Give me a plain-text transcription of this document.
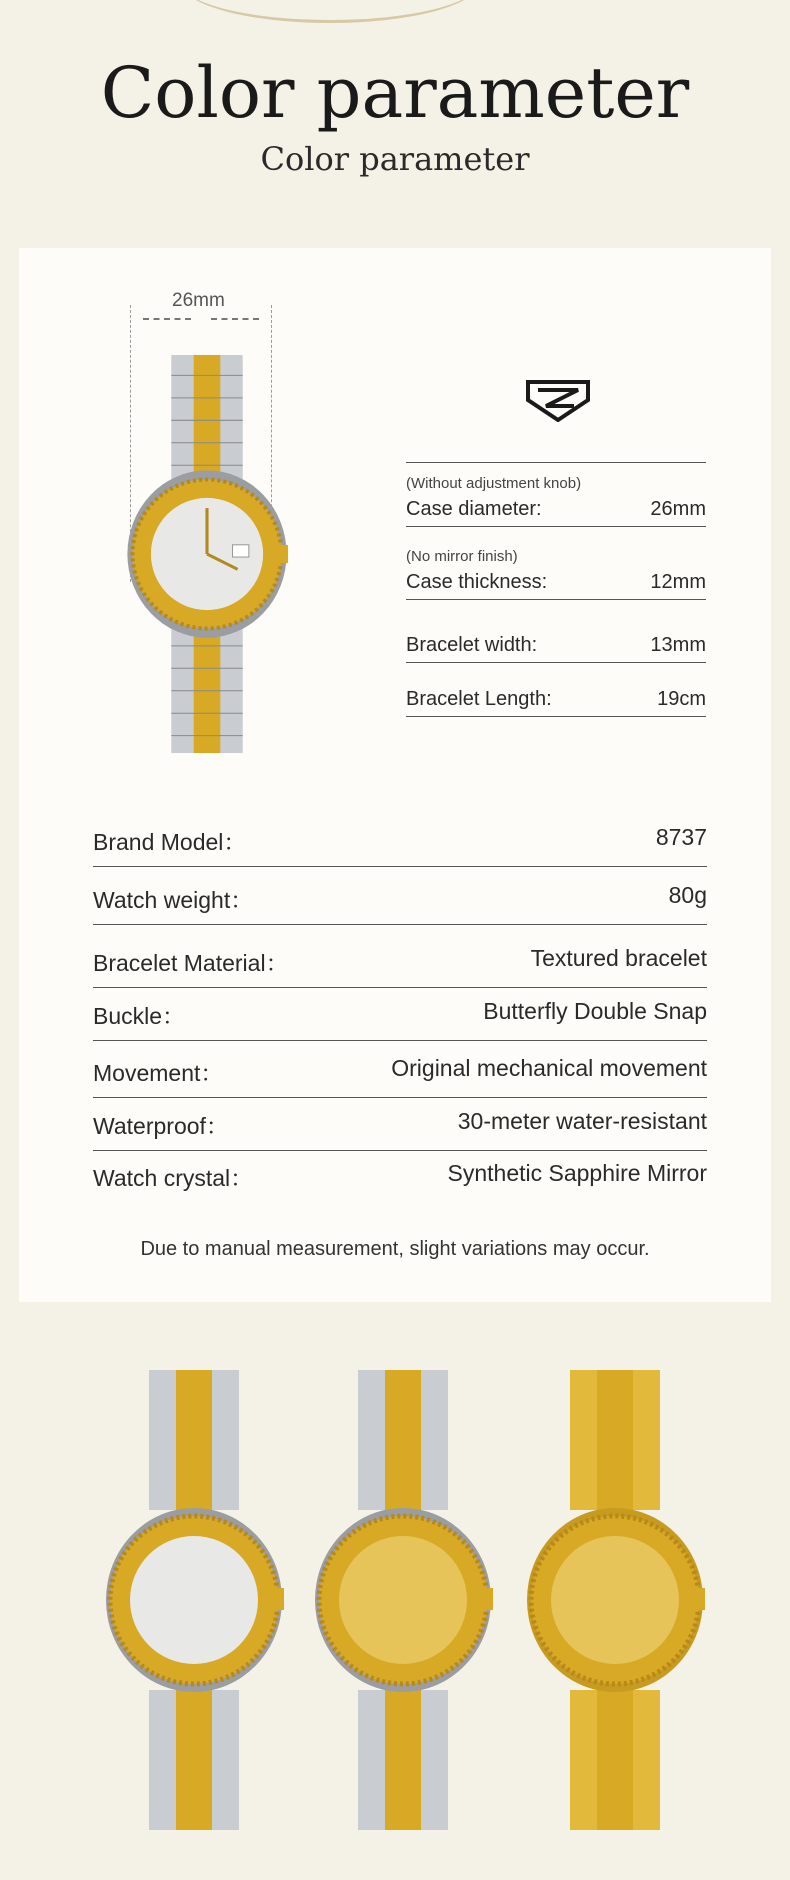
Color parameter
Color parameter
26mm
(Without adjustment knob)
Case diameter:	26mm
(No mirror finish)
Case thickness:	12mm
Bracelet width:	13mm
Bracelet Length:	19cm
Brand Model：	8737
Watch weight：	80g
Bracelet Material：	Textured bracelet
Buckle：	Butterfly Double Snap
Movement：	Original mechanical movement
Waterproof：	30-meter water-resistant
Watch crystal：	Synthetic Sapphire Mirror
Due to manual measurement, slight variations may occur.
